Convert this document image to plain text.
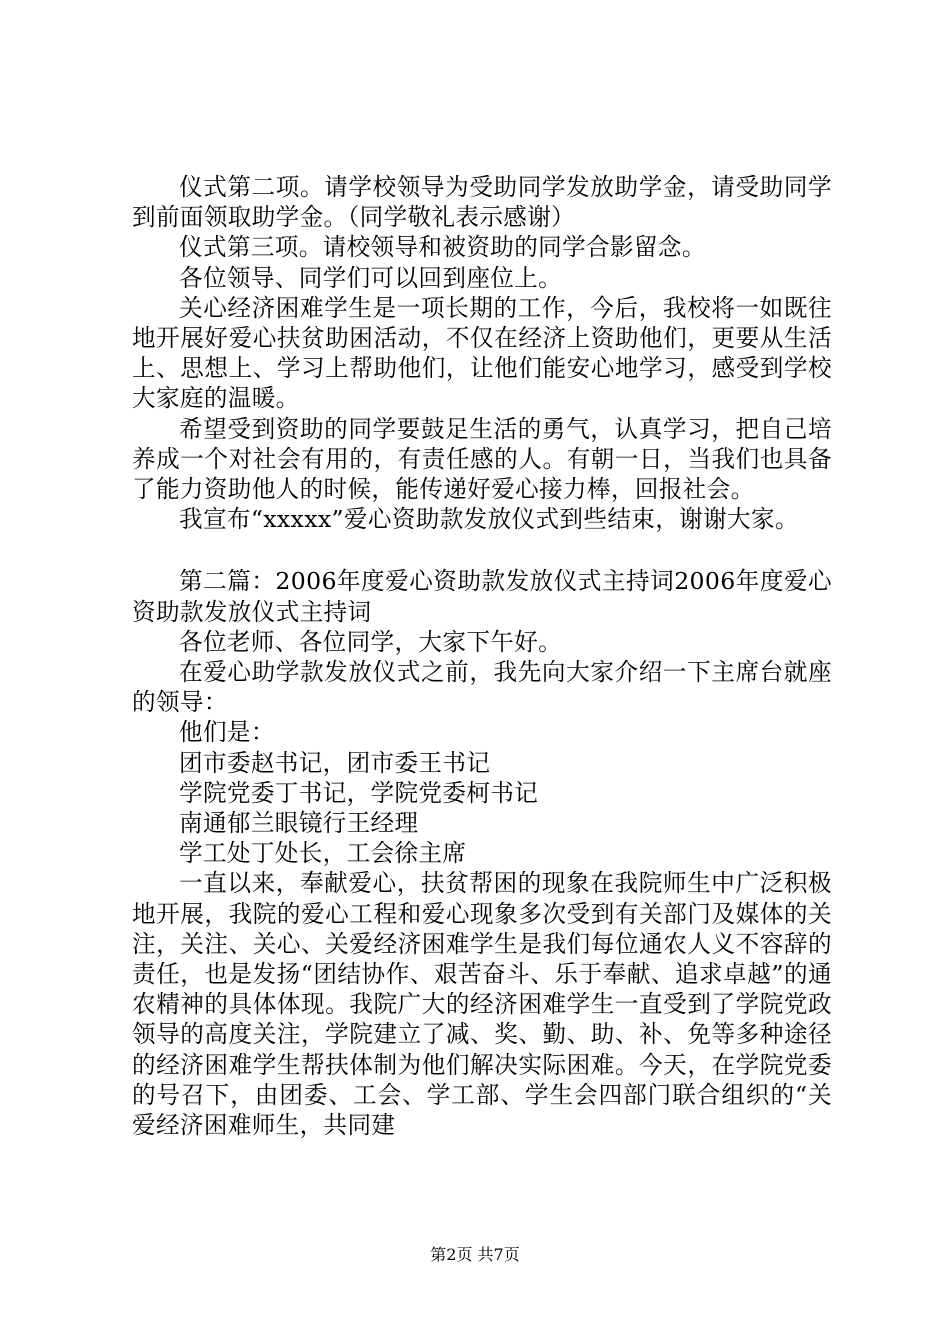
仪式第二项。请学校领导为受助同学发放助学金，请受助同学到前面领取助学金。（同学敬礼表示感谢）

仪式第三项。请校领导和被资助的同学合影留念。

各位领导、同学们可以回到座位上。

关心经济困难学生是一项长期的工作，今后，我校将一如既往地开展好爱心扶贫助困活动，不仅在经济上资助他们，更要从生活上、思想上、学习上帮助他们，让他们能安心地学习，感受到学校大家庭的温暖。

希望受到资助的同学要鼓足生活的勇气，认真学习，把自己培养成一个对社会有用的，有责任感的人。有朝一日，当我们也具备了能力资助他人的时候，能传递好爱心接力棒，回报社会。

我宣布“xxxxx”爱心资助款发放仪式到些结束，谢谢大家。

第二篇：2006年度爱心资助款发放仪式主持词2006年度爱心资助款发放仪式主持词

各位老师、各位同学，大家下午好。

在爱心助学款发放仪式之前，我先向大家介绍一下主席台就座的领导：

他们是：

团市委赵书记，团市委王书记

学院党委丁书记，学院党委柯书记

南通郁兰眼镜行王经理

学工处丁处长，工会徐主席

一直以来，奉献爱心，扶贫帮困的现象在我院师生中广泛积极地开展，我院的爱心工程和爱心现象多次受到有关部门及媒体的关注，关注、关心、关爱经济困难学生是我们每位通农人义不容辞的责任，也是发扬“团结协作、艰苦奋斗、乐于奉献、追求卓越”的通农精神的具体体现。我院广大的经济困难学生一直受到了学院党政领导的高度关注，学院建立了减、奖、勤、助、补、免等多种途径的经济困难学生帮扶体制为他们解决实际困难。今天，在学院党委的号召下，由团委、工会、学工部、学生会四部门联合组织的“关爱经济困难师生，共同建

第2页 共7页
